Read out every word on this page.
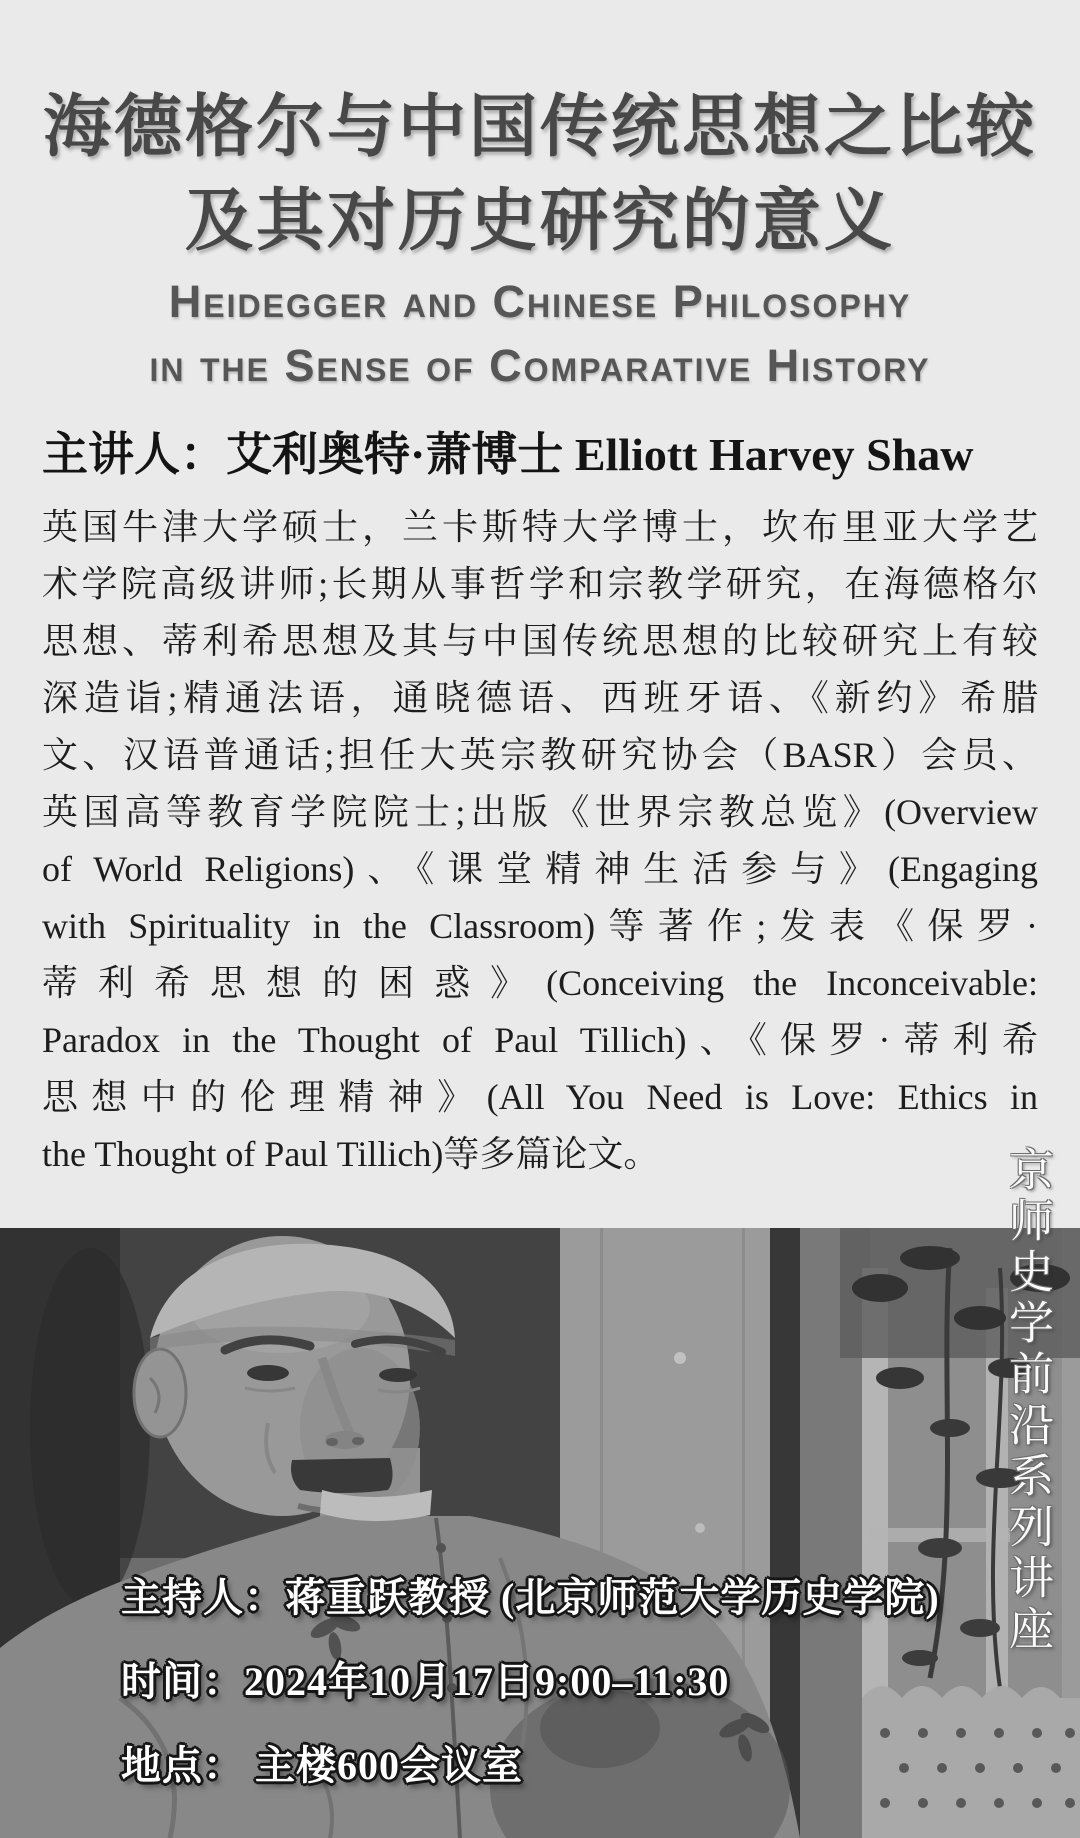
海德格尔与中国传统思想之比较
及其对历史研究的意义
Heidegger and Chinese Philosophy
in the Sense of Comparative History
主讲人：艾利奥特·萧博士 Elliott Harvey Shaw
英国牛津大学硕士，兰卡斯特大学博士，坎布里亚大学艺
术学院高级讲师;长期从事哲学和宗教学研究，在海德格尔
思想、蒂利希思想及其与中国传统思想的比较研究上有较
深造诣;精通法语，通晓德语、西班牙语、《新约》希腊
文、汉语普通话;担任大英宗教研究协会（BASR）会员、
英国高等教育学院院士;出版《世界宗教总览》(Overview
of World Religions)、《课堂精神生活参与》(Engaging
with Spirituality in the Classroom)等著作;发表《保罗·
蒂利希思想的困惑》(Conceiving the Inconceivable:
Paradox in the Thought of Paul Tillich)、《保罗·蒂利希
思想中的伦理精神》(All You Need is Love: Ethics in
the Thought of Paul Tillich)等多篇论文。	京师史学前沿系列讲座
主持人：蒋重跃教授 (北京师范大学历史学院)
时间：2024年10月17日9:00–11:30
地点： 主楼600会议室
